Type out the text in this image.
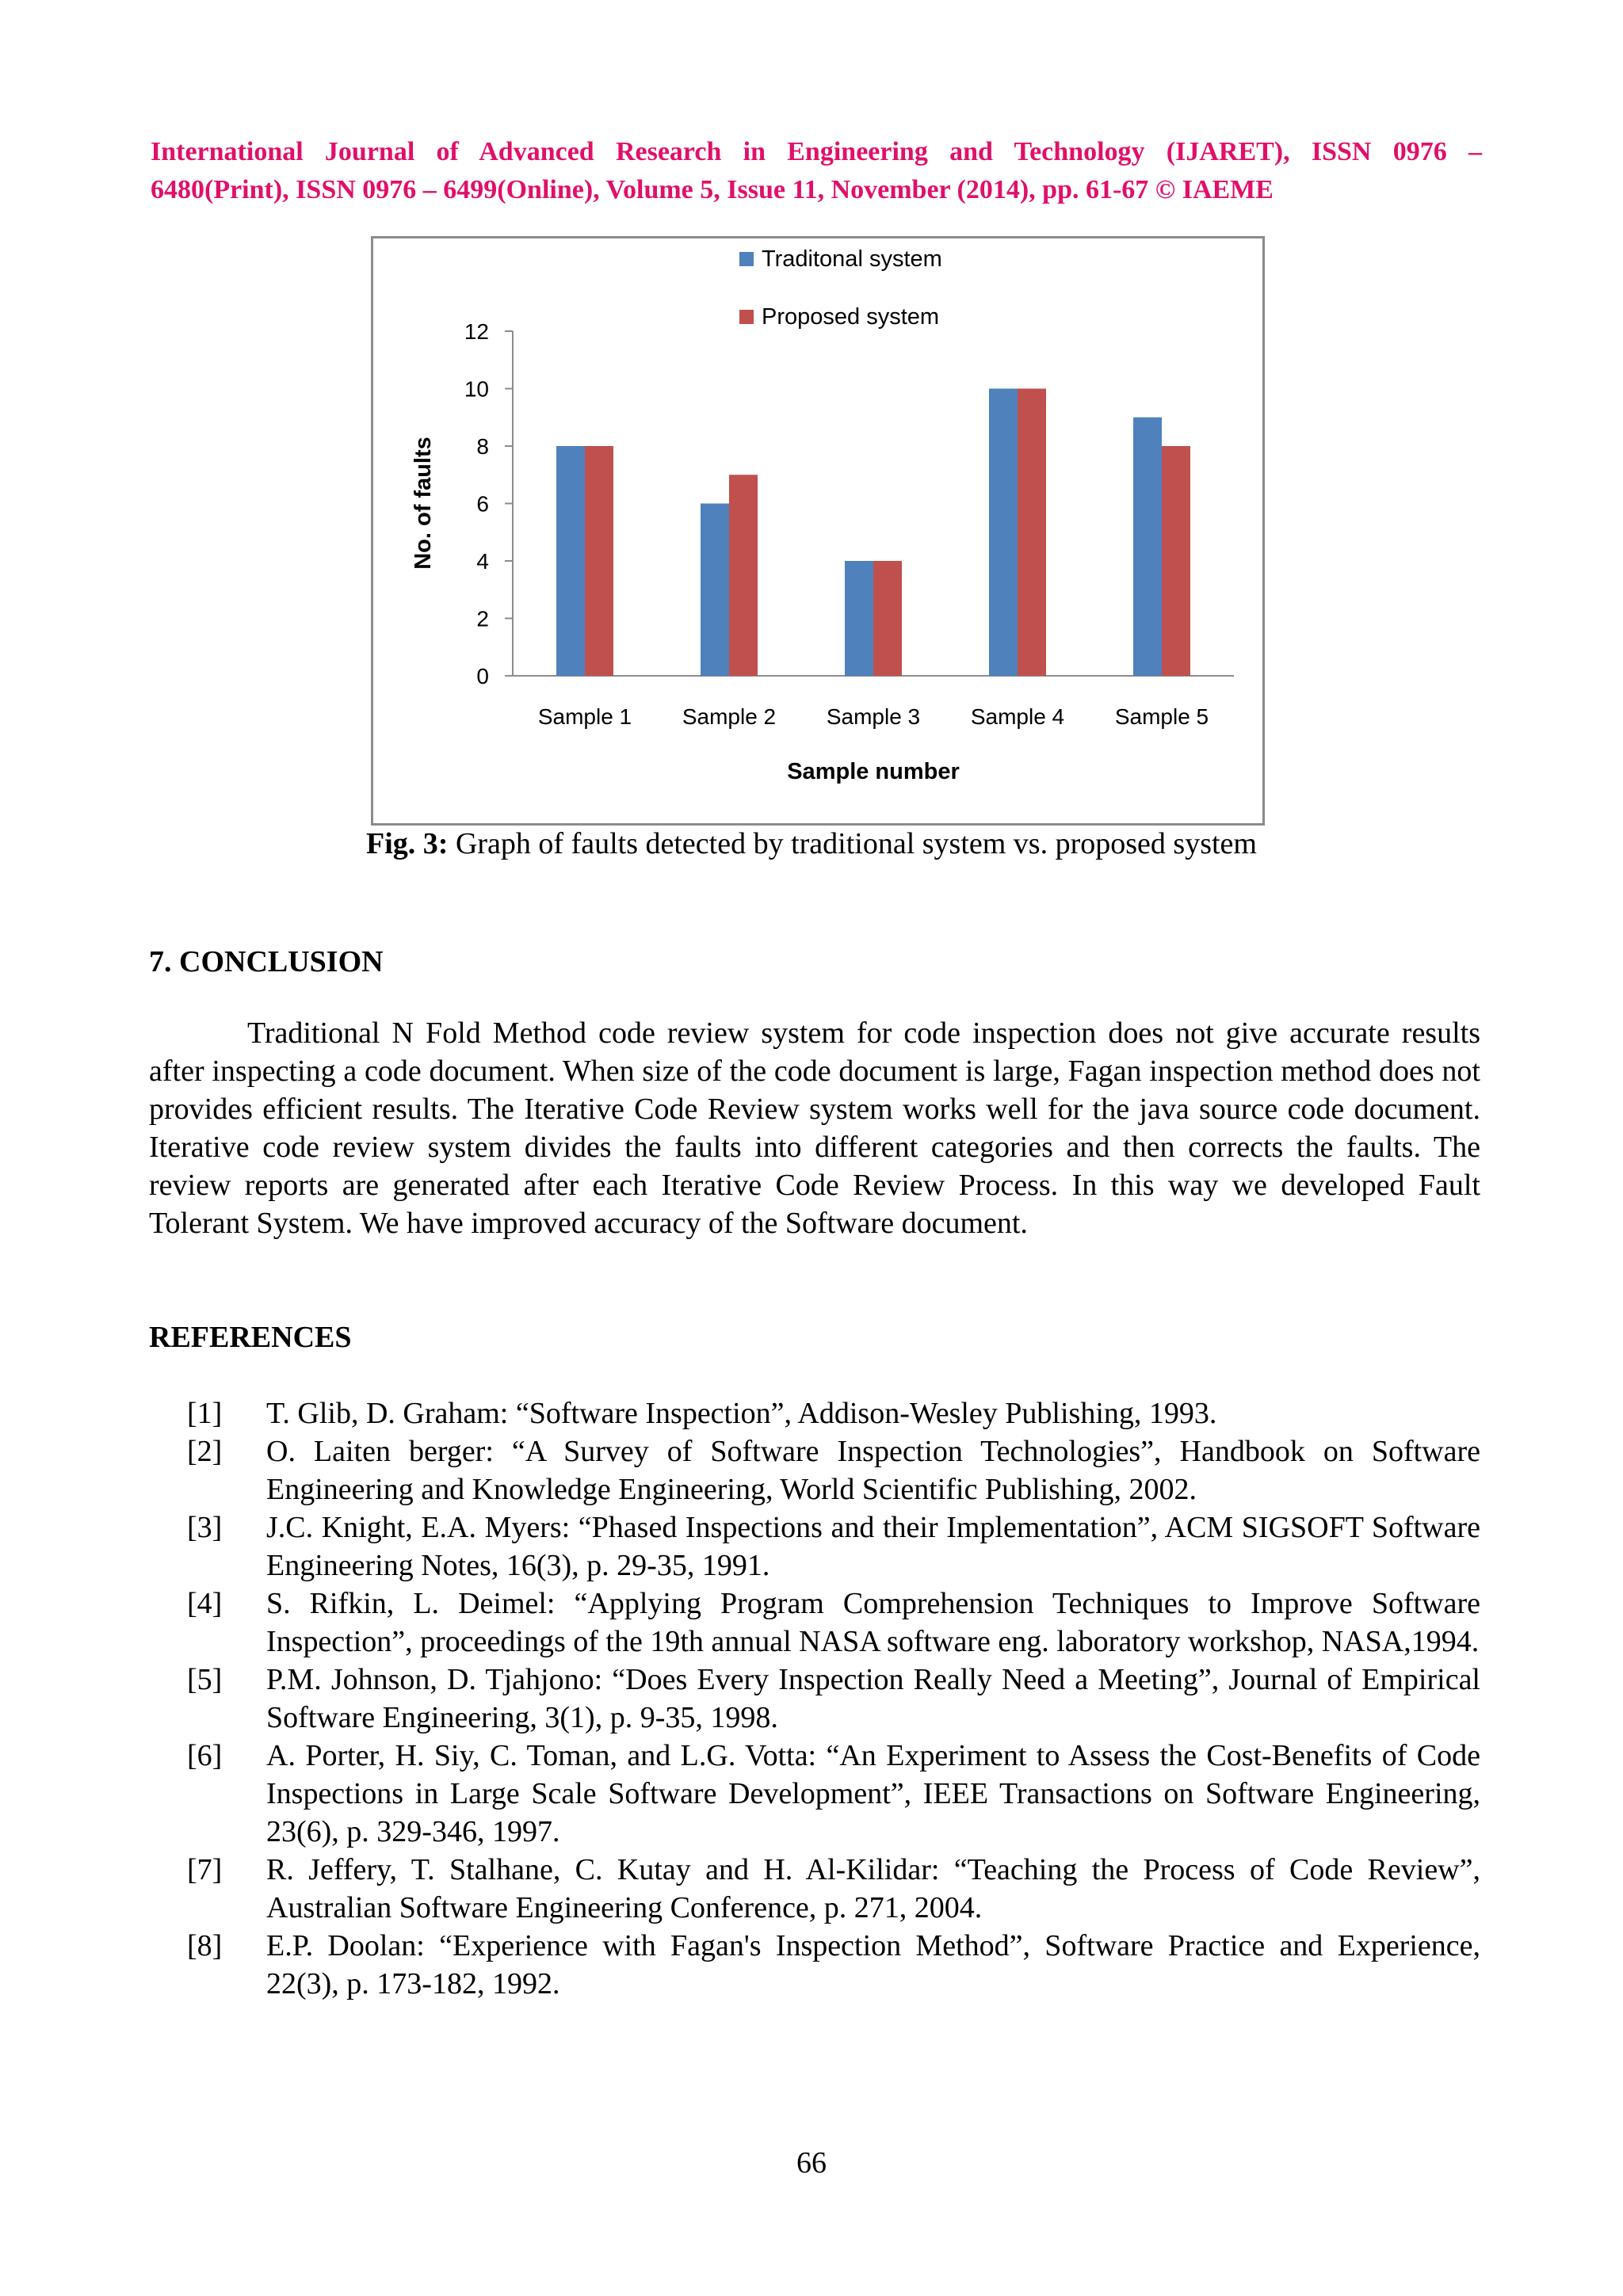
International Journal of Advanced Research in Engineering and Technology (IJARET), ISSN 0976 –
6480(Print), ISSN 0976 – 6499(Online), Volume 5, Issue 11, November (2014), pp. 61-67 © IAEME
0
2
4
6
8
10
12
Sample 1 Sample 2 Sample 3 Sample 4 Sample 5
Sample number
No. of faults
Traditonal system
Proposed system
Fig. 3: Graph of faults detected by traditional system vs. proposed system
7. CONCLUSION
Traditional N Fold Method code review system for code inspection does not give accurate results after inspecting a code document. When size of the code document is large, Fagan inspection method does not provides efficient results. The Iterative Code Review system works well for the java source code document. Iterative code review system divides the faults into different categories and then corrects the faults. The review reports are generated after each Iterative Code Review Process. In this way we developed Fault Tolerant System. We have improved accuracy of the Software document.
REFERENCES
[1]	T. Glib, D. Graham: “Software Inspection”, Addison-Wesley Publishing, 1993.
[2]	O. Laiten berger: “A Survey of Software Inspection Technologies”, Handbook on Software Engineering and Knowledge Engineering, World Scientific Publishing, 2002.
[3]	J.C. Knight, E.A. Myers: “Phased Inspections and their Implementation”, ACM SIGSOFT Software Engineering Notes, 16(3), p. 29-35, 1991.
[4]	S. Rifkin, L. Deimel: “Applying Program Comprehension Techniques to Improve Software Inspection”, proceedings of the 19th annual NASA software eng. laboratory workshop, NASA,1994.
[5]	P.M. Johnson, D. Tjahjono: “Does Every Inspection Really Need a Meeting”, Journal of Empirical Software Engineering, 3(1), p. 9-35, 1998.
[6]	A. Porter, H. Siy, C. Toman, and L.G. Votta: “An Experiment to Assess the Cost-Benefits of Code Inspections in Large Scale Software Development”, IEEE Transactions on Software Engineering, 23(6), p. 329-346, 1997.
[7]	R. Jeffery, T. Stalhane, C. Kutay and H. Al-Kilidar: “Teaching the Process of Code Review”, Australian Software Engineering Conference, p. 271, 2004.
[8]	E.P. Doolan: “Experience with Fagan's Inspection Method”, Software Practice and Experience, 22(3), p. 173-182, 1992.
66
